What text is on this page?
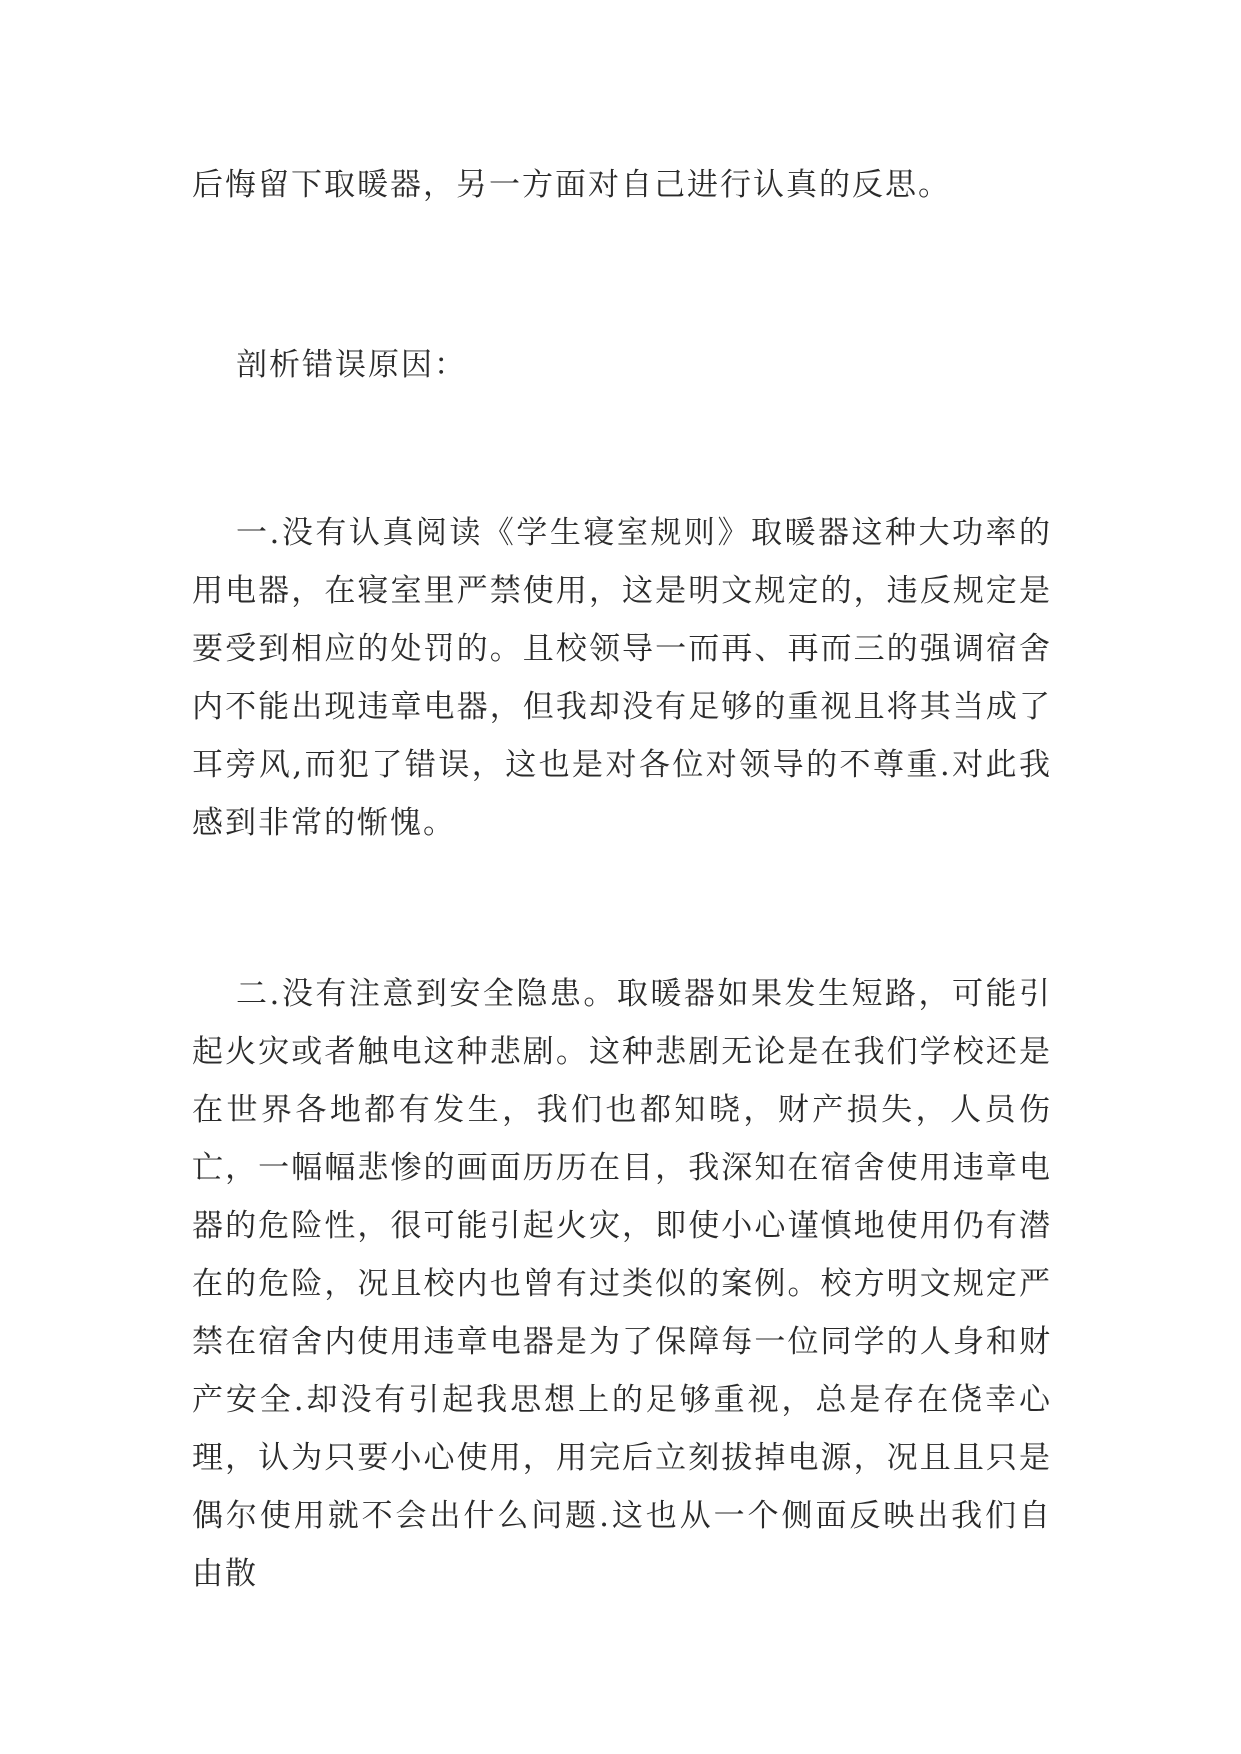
后悔留下取暖器，另一方面对自己进行认真的反思。

剖析错误原因：

一.没有认真阅读《学生寝室规则》取暖器这种大功率的用电器，在寝室里严禁使用，这是明文规定的，违反规定是要受到相应的处罚的。且校领导一而再、再而三的强调宿舍内不能出现违章电器，但我却没有足够的重视且将其当成了耳旁风,而犯了错误，这也是对各位对领导的不尊重.对此我感到非常的惭愧。

二.没有注意到安全隐患。取暖器如果发生短路，可能引起火灾或者触电这种悲剧。这种悲剧无论是在我们学校还是在世界各地都有发生，我们也都知晓，财产损失，人员伤亡，一幅幅悲惨的画面历历在目，我深知在宿舍使用违章电器的危险性，很可能引起火灾，即使小心谨慎地使用仍有潜在的危险，况且校内也曾有过类似的案例。校方明文规定严禁在宿舍内使用违章电器是为了保障每一位同学的人身和财产安全.却没有引起我思想上的足够重视，总是存在侥幸心理，认为只要小心使用，用完后立刻拔掉电源，况且且只是偶尔使用就不会出什么问题.这也从一个侧面反映出我们自由散
